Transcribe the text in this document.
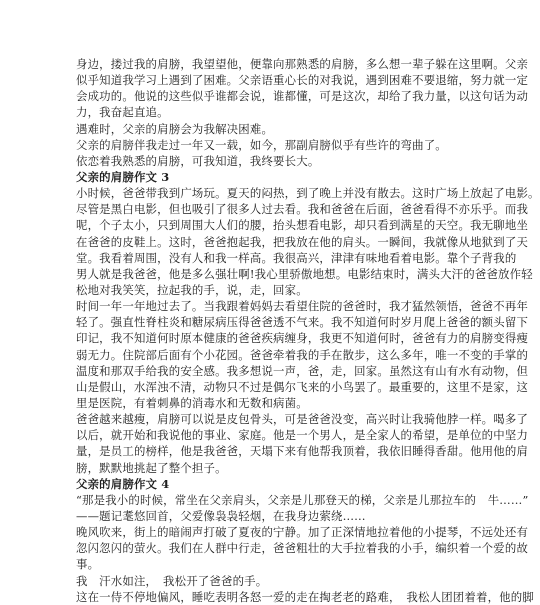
身边，搂过我的肩膀，我望望他，便靠向那熟悉的肩膀，多么想一辈子躲在这里啊。父亲
似乎知道我学习上遇到了困难。父亲语重心长的对我说，遇到困难不要退缩，努力就一定
会成功的。他说的这些似乎谁都会说，谁都懂，可是这次，却给了我力量，以这句话为动
力，我奋起直追。
遇难时，父亲的肩膀会为我解决困难。
父亲的肩膀伴我走过一年又一载，如今，那副肩膀似乎有些许的弯曲了。
依恋着我熟悉的肩膀，可我知道，我终要长大。
父亲的肩膀作文 3
小时候，爸爸带我到广场玩。夏天的闷热，到了晚上并没有散去。这时广场上放起了电影。
尽管是黑白电影，但也吸引了很多人过去看。我和爸爸在后面，爸爸看得不亦乐乎。而我
呢，个子太小，只到周围大人们的腰，抬头想看电影，却只看到满星的天空。我无聊地坐
在爸爸的皮鞋上。这时，爸爸抱起我，把我放在他的肩头。一瞬间，我就像从地狱到了天
堂。我看着周围，没有人和我一样高。我很高兴，津津有味地看着电影。靠个子背我的
男人就是我爸爸，他是多么强壮啊!我心里骄傲地想。电影结束时，满头大汗的爸爸放作轻
松地对我笑笑，拉起我的手，说，走，回家。
时间一年一年地过去了。当我跟着妈妈去看望住院的爸爸时，我才猛然领悟，爸爸不再年
轻了。强直性脊柱炎和糖尿病压得爸爸透不气来。我不知道何时岁月爬上爸爸的额头留下
印记，我不知道何时原本健康的爸爸疾病缠身，我更不知道何时，爸爸有力的肩膀变得瘦
弱无力。住院部后面有个小花园。爸爸牵着我的手在散步，这么多年，唯一不变的手掌的
温度和那双手给我的安全感。我多想说一声，爸，走，回家。虽然这有山有水有动物，但
山是假山，水浑浊不清，动物只不过是偶尔飞来的小鸟罢了。最重要的，这里不是家，这
里是医院，有着刺鼻的消毒水和无数和病菌。
爸爸越来越瘦，肩膀可以说是皮包骨头，可是爸爸没变，高兴时让我骑他脖一样。喝多了
以后，就开始和我说他的事业、家庭。他是一个男人，是全家人的希望，是单位的中坚力
量，是员工的榜样，他是我爸爸，天塌下来有他帮我顶着，我依旧睡得香甜。他用他的肩
膀，默默地挑起了整个担子。
父亲的肩膀作文 4
“那是我小的时候，常坐在父亲肩头，父亲是儿那登天的梯，父亲是儿那拉车的　牛……”
——题记耄悠回首，父爱像袅袅轻烟，在我身边萦绕……
晚风吹来，街上的暗闹声打破了夏夜的宁静。加了正深情地拉着他的小提琴，不远处还有
忽闪忽闪的萤火。我们在人群中行走，爸爸粗壮的大手拉着我的小手，编织着一个爱的故
事。
我　汗水如注，　我松开了爸爸的手。
这在一侍不停地偏风，睡吃表明各怒一爱的走在掏老老的路难，　我松人团团着着，他的脚
